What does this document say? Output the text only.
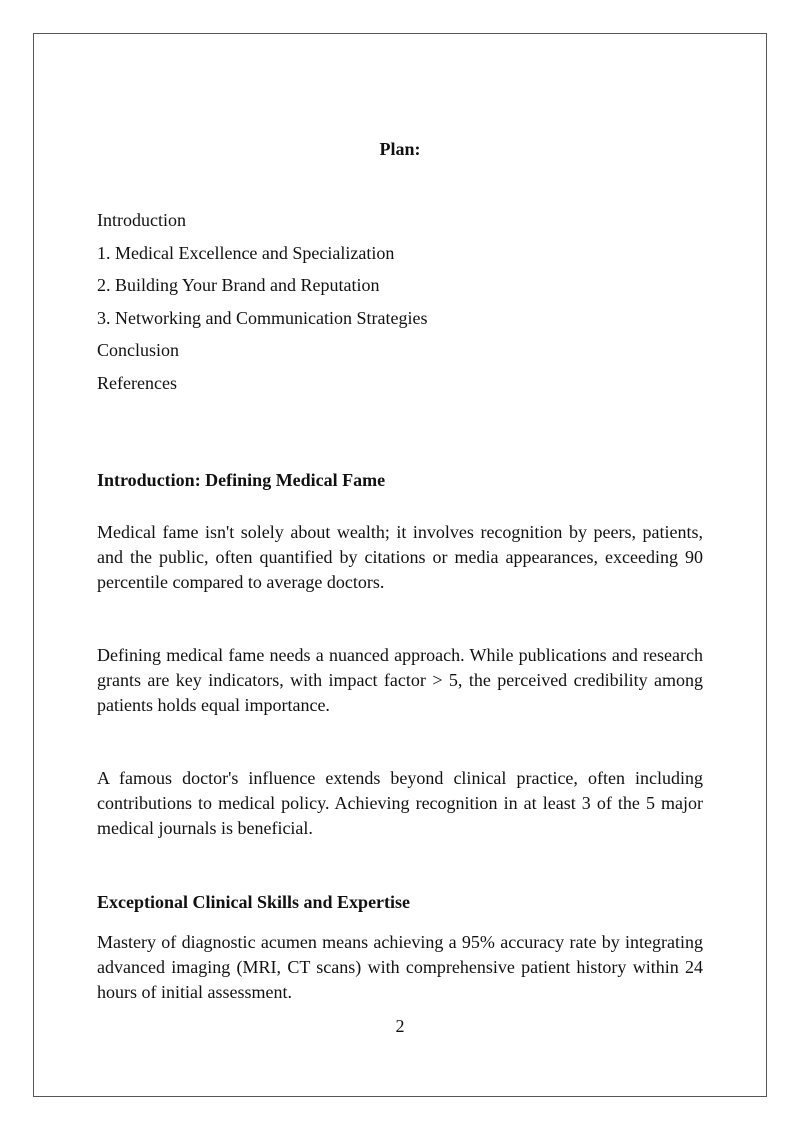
Plan:
Introduction
1. Medical Excellence and Specialization
2. Building Your Brand and Reputation
3. Networking and Communication Strategies
Conclusion
References
Introduction: Defining Medical Fame

Medical fame isn't solely about wealth; it involves recognition by peers, patients, and the public, often quantified by citations or media appearances, exceeding 90 percentile compared to average doctors.

Defining medical fame needs a nuanced approach. While publications and research grants are key indicators, with impact factor > 5, the perceived credibility among patients holds equal importance.

A famous doctor's influence extends beyond clinical practice, often including contributions to medical policy. Achieving recognition in at least 3 of the 5 major medical journals is beneficial.

Exceptional Clinical Skills and Expertise

Mastery of diagnostic acumen means achieving a 95% accuracy rate by integrating advanced imaging (MRI, CT scans) with comprehensive patient history within 24 hours of initial assessment.

2
